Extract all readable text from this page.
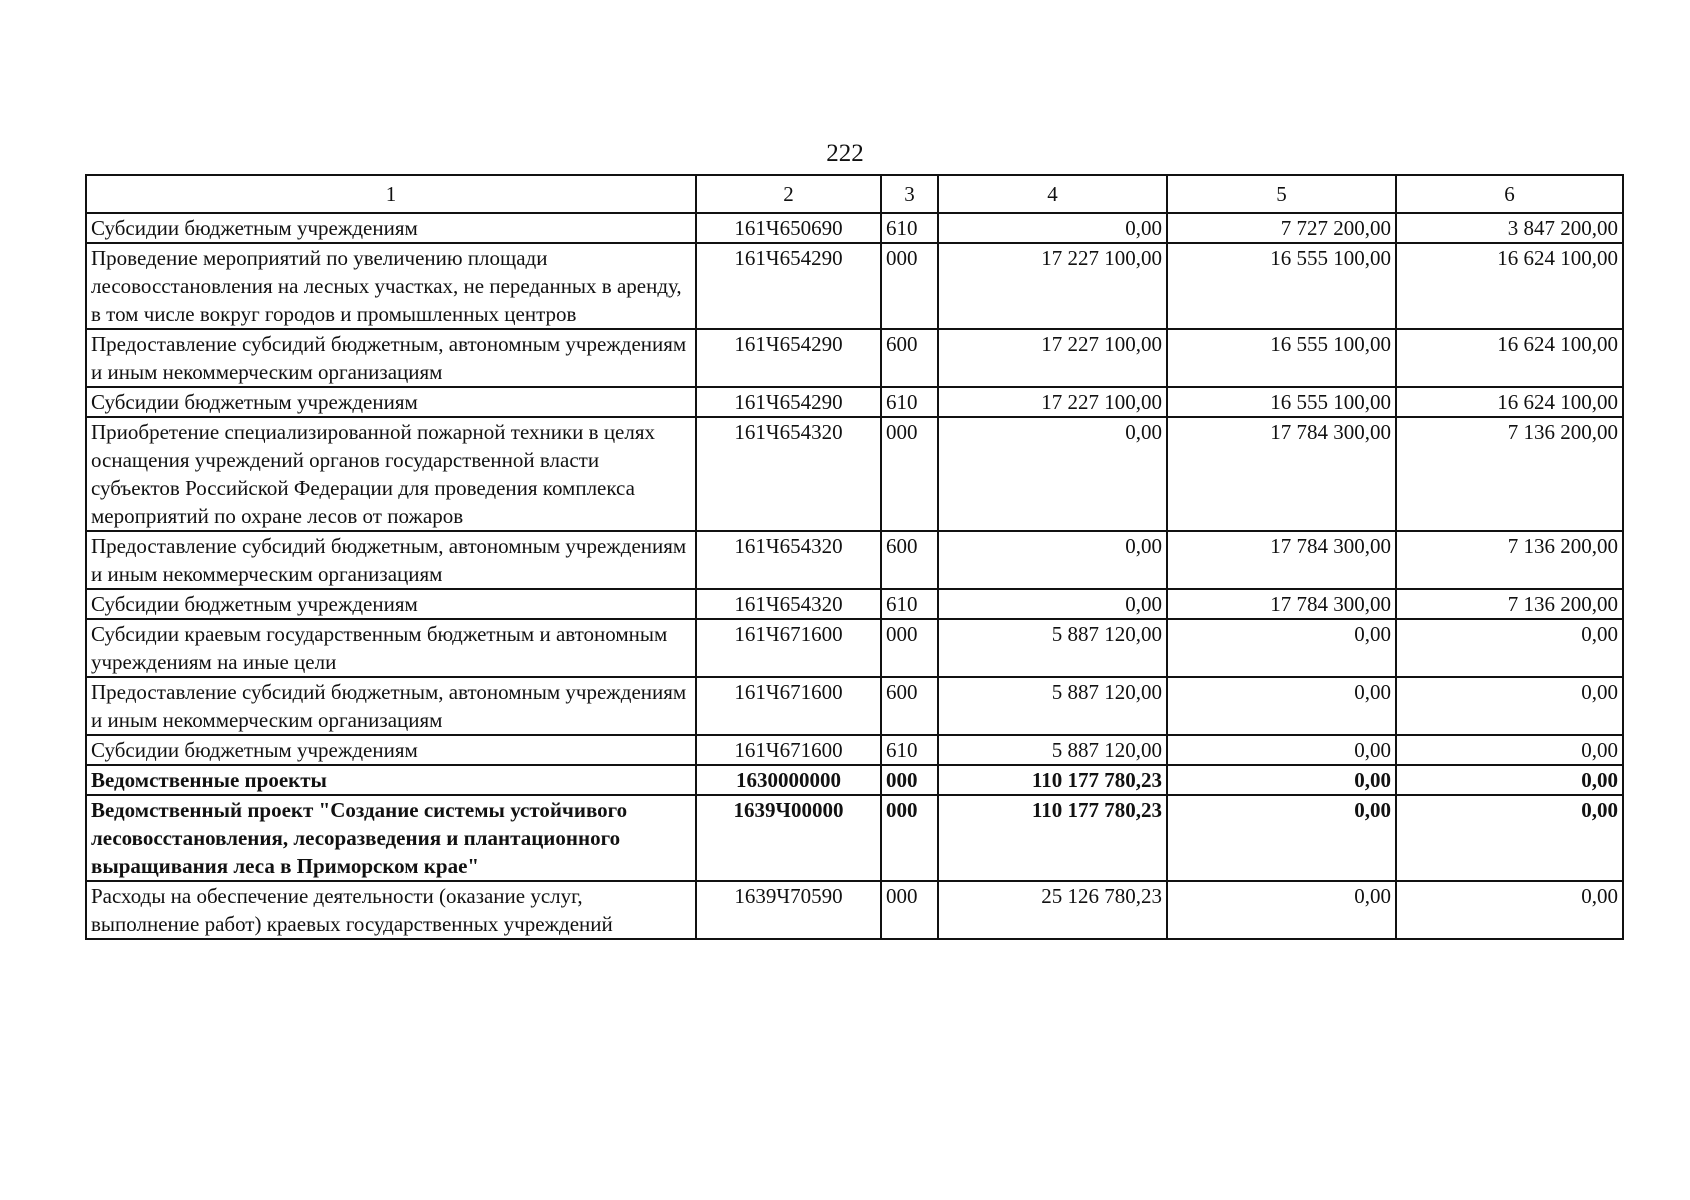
222
1	2	3	4	5	6
Субсидии бюджетным учреждениям	161Ч650690	610	0,00	7 727 200,00	3 847 200,00
Проведение мероприятий по увеличению площади лесовосстановления на лесных участках, не переданных в аренду, в том числе вокруг городов и промышленных центров	161Ч654290	000	17 227 100,00	16 555 100,00	16 624 100,00
Предоставление субсидий бюджетным, автономным учреждениям и иным некоммерческим организациям	161Ч654290	600	17 227 100,00	16 555 100,00	16 624 100,00
Субсидии бюджетным учреждениям	161Ч654290	610	17 227 100,00	16 555 100,00	16 624 100,00
Приобретение специализированной пожарной техники в целях оснащения учреждений органов государственной власти субъектов Российской Федерации для проведения комплекса мероприятий по охране лесов от пожаров	161Ч654320	000	0,00	17 784 300,00	7 136 200,00
Предоставление субсидий бюджетным, автономным учреждениям и иным некоммерческим организациям	161Ч654320	600	0,00	17 784 300,00	7 136 200,00
Субсидии бюджетным учреждениям	161Ч654320	610	0,00	17 784 300,00	7 136 200,00
Субсидии краевым государственным бюджетным и автономным учреждениям на иные цели	161Ч671600	000	5 887 120,00	0,00	0,00
Предоставление субсидий бюджетным, автономным учреждениям и иным некоммерческим организациям	161Ч671600	600	5 887 120,00	0,00	0,00
Субсидии бюджетным учреждениям	161Ч671600	610	5 887 120,00	0,00	0,00
Ведомственные проекты	1630000000	000	110 177 780,23	0,00	0,00
Ведомственный проект "Создание системы устойчивого лесовосстановления, лесоразведения и плантационного выращивания леса в Приморском крае"	1639Ч00000	000	110 177 780,23	0,00	0,00
Расходы на обеспечение деятельности (оказание услуг, выполнение работ) краевых государственных учреждений	1639Ч70590	000	25 126 780,23	0,00	0,00
